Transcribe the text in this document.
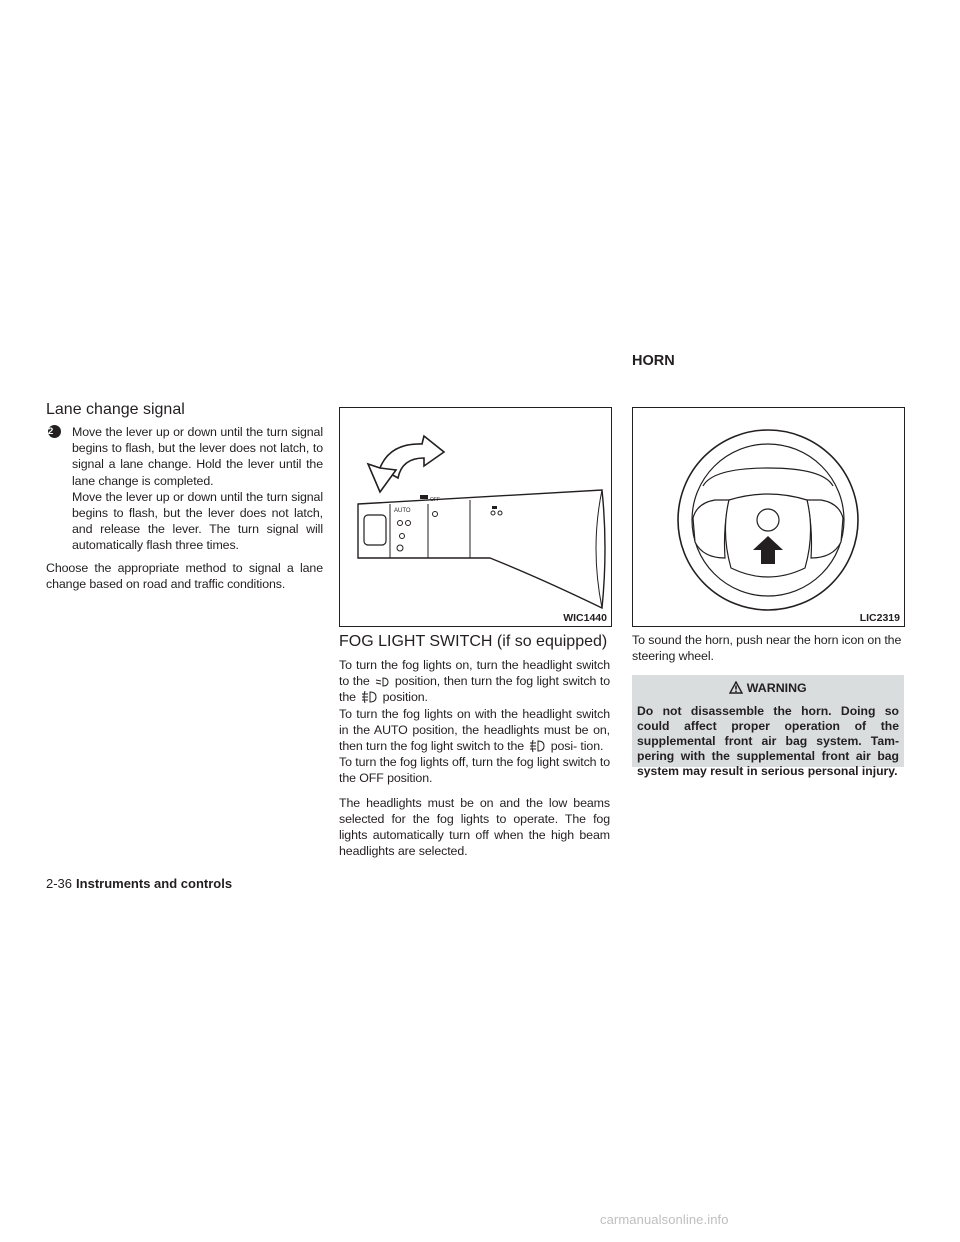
Lane change signal
2	Move the lever up or down until the turn signal begins to flash, but the lever does not latch, to signal a lane change. Hold the lever until the lane change is completed.

Move the lever up or down until the turn signal begins to flash, but the lever does not latch, and release the lever. The turn signal will automatically flash three times.

Choose the appropriate method to signal a lane change based on road and traffic conditions.

AUTO
OFF
WIC1440	LIC2319
FOG LIGHT SWITCH (if so equipped)

To turn the fog lights on, turn the headlight switch to the position, then turn the fog light switch to the position.

To turn the fog lights on with the headlight switch in the AUTO position, the headlights must be on, then turn the fog light switch to the posi- tion.

To turn the fog lights off, turn the fog light switch to the OFF position.

The headlights must be on and the low beams selected for the fog lights to operate. The fog lights automatically turn off when the high beam headlights are selected.

HORN

To sound the horn, push near the horn icon on the steering wheel.

WARNING

Do not disassemble the horn. Doing so could affect proper operation of the supplemental front air bag system. Tam- pering with the supplemental front air bag system may result in serious personal injury.

2-36 Instruments and controls
carmanualsonline.info
